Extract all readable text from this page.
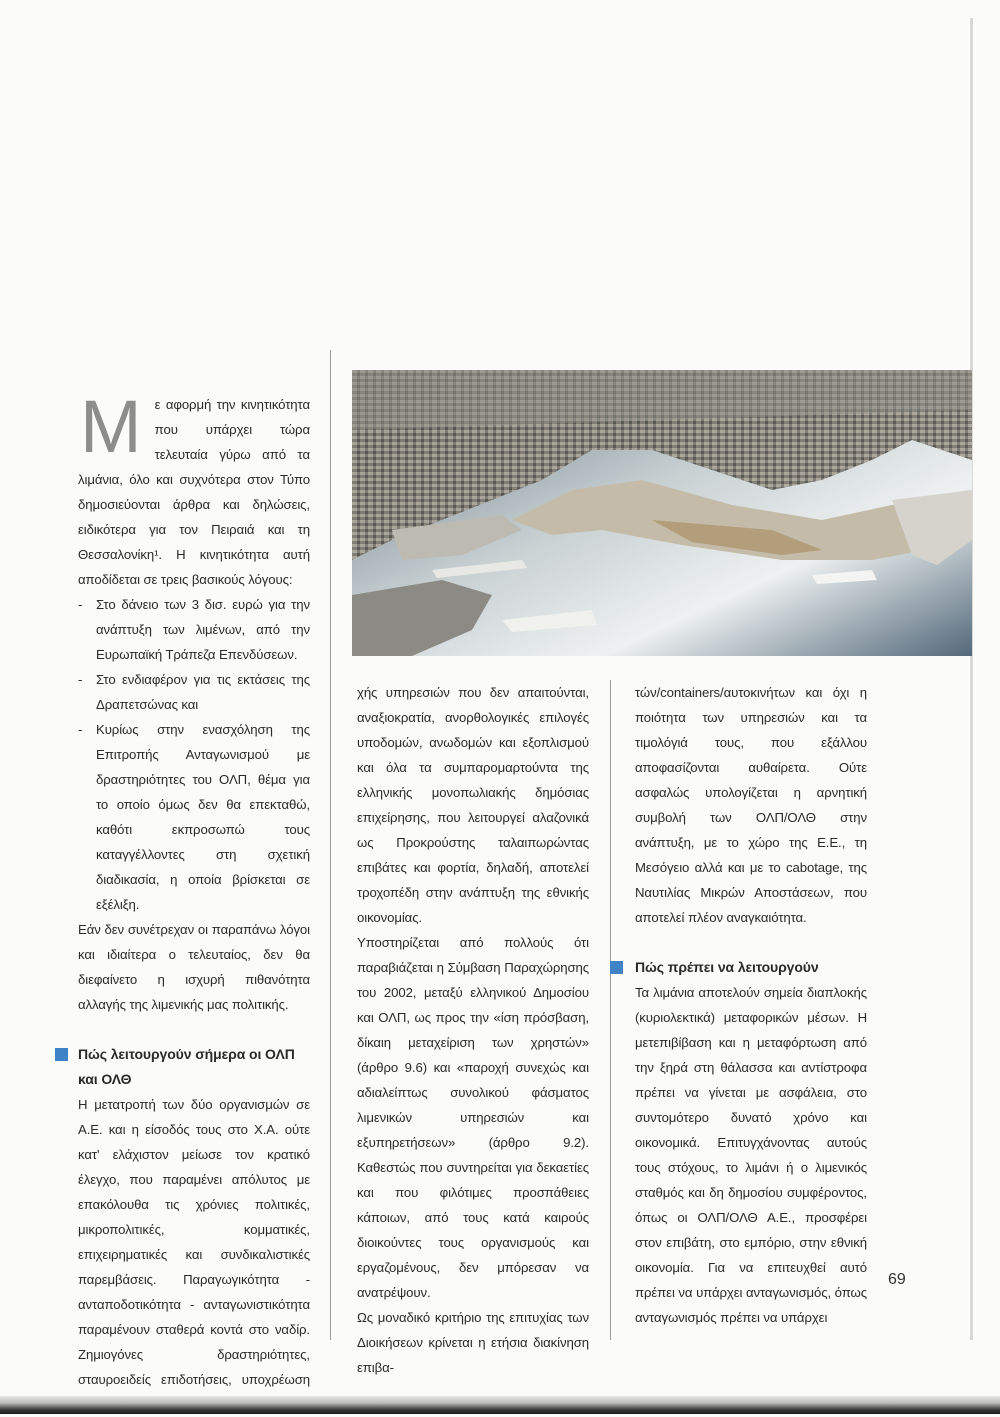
Μ	ε αφορμή την κινητικότητα που υπάρχει τώρα τελευταία γύρω από τα λιμάνια, όλο και συχνότερα στον Τύπο δημοσιεύονται άρθρα και δηλώσεις, ειδικότερα για τον Πειραιά και τη Θεσσαλονίκη¹. Η κινητικότητα αυτή αποδίδεται σε τρεις βασικούς λόγους:

- Στο δάνειο των 3 δισ. ευρώ για την ανάπτυξη των λιμένων, από την Ευρωπαϊκή Τράπεζα Επενδύσεων.
- Στο ενδιαφέρον για τις εκτάσεις της Δραπετσώνας και
- Κυρίως στην ενασχόληση της Επιτροπής Ανταγωνισμού με δραστηριότητες του ΟΛΠ, θέμα για το οποίο όμως δεν θα επεκταθώ, καθότι εκπροσωπώ τους καταγγέλλοντες στη σχετική διαδικασία, η οποία βρίσκεται σε εξέλιξη.

Εάν δεν συνέτρεχαν οι παραπάνω λόγοι και ιδιαίτερα ο τελευταίος, δεν θα διεφαίνετο η ισχυρή πιθανότητα αλλαγής της λιμενικής μας πολιτικής.

Πώς λειτουργούν σήμερα οι ΟΛΠ και ΟΛΘ

Η μετατροπή των δύο οργανισμών σε Α.Ε. και η είσοδός τους στο Χ.Α. ούτε κατ' ελάχιστον μείωσε τον κρατικό έλεγχο, που παραμένει απόλυτος με επακόλουθα τις χρόνιες πολιτικές, μικροπολιτικές, κομματικές, επιχειρηματικές και συνδικαλιστικές παρεμβάσεις. Παραγωγικότητα - ανταποδοτικότητα - ανταγωνιστικότητα παραμένουν σταθερά κοντά στο ναδίρ. Ζημιογόνες δραστηριότητες, σταυροειδείς επιδοτήσεις, υποχρέωση

χής υπηρεσιών που δεν απαιτούνται, αναξιοκρατία, ανορθολογικές επιλογές υποδομών, ανωδομών και εξοπλισμού και όλα τα συμπαρομαρτούντα της ελληνικής μονοπωλιακής δημόσιας επιχείρησης, που λειτουργεί αλαζονικά ως Προκρούστης ταλαιπωρώντας επιβάτες και φορτία, δηλαδή, αποτελεί τροχοπέδη στην ανάπτυξη της εθνικής οικονομίας.

Υποστηρίζεται από πολλούς ότι παραβιάζεται η Σύμβαση Παραχώρησης του 2002, μεταξύ ελληνικού Δημοσίου και ΟΛΠ, ως προς την «ίση πρόσβαση, δίκαιη μεταχείριση των χρηστών» (άρθρο 9.6) και «παροχή συνεχώς και αδιαλείπτως συνολικού φάσματος λιμενικών υπηρεσιών και εξυπηρετήσεων» (άρθρο 9.2). Καθεστώς που συντηρείται για δεκαετίες και που φιλότιμες προσπάθειες κάποιων, από τους κατά καιρούς διοικούντες τους οργανισμούς και εργαζομένους, δεν μπόρεσαν να ανατρέψουν.

Ως μοναδικό κριτήριο της επιτυχίας των Διοικήσεων κρίνεται η ετήσια διακίνηση επιβα-

τών/containers/αυτοκινήτων και όχι η ποιότητα των υπηρεσιών και τα τιμολόγιά τους, που εξάλλου αποφασίζονται αυθαίρετα. Ούτε ασφαλώς υπολογίζεται η αρνητική συμβολή των ΟΛΠ/ΟΛΘ στην ανάπτυξη, με το χώρο της Ε.Ε., τη Μεσόγειο αλλά και με το cabotage, της Ναυτιλίας Μικρών Αποστάσεων, που αποτελεί πλέον αναγκαιότητα.

Πώς πρέπει να λειτουργούν

Τα λιμάνια αποτελούν σημεία διαπλοκής (κυριολεκτικά) μεταφορικών μέσων. Η μετεπιβίβαση και η μεταφόρτωση από την ξηρά στη θάλασσα και αντίστροφα πρέπει να γίνεται με ασφάλεια, στο συντομότερο δυνατό χρόνο και οικονομικά. Επιτυγχάνοντας αυτούς τους στόχους, το λιμάνι ή ο λιμενικός σταθμός και δη δημοσίου συμφέροντος, όπως οι ΟΛΠ/ΟΛΘ Α.Ε., προσφέρει στον επιβάτη, στο εμπόριο, στην εθνική οικονομία. Για να επιτευχθεί αυτό πρέπει να υπάρχει ανταγωνισμός, όπως ανταγωνισμός πρέπει να υπάρχει

69
